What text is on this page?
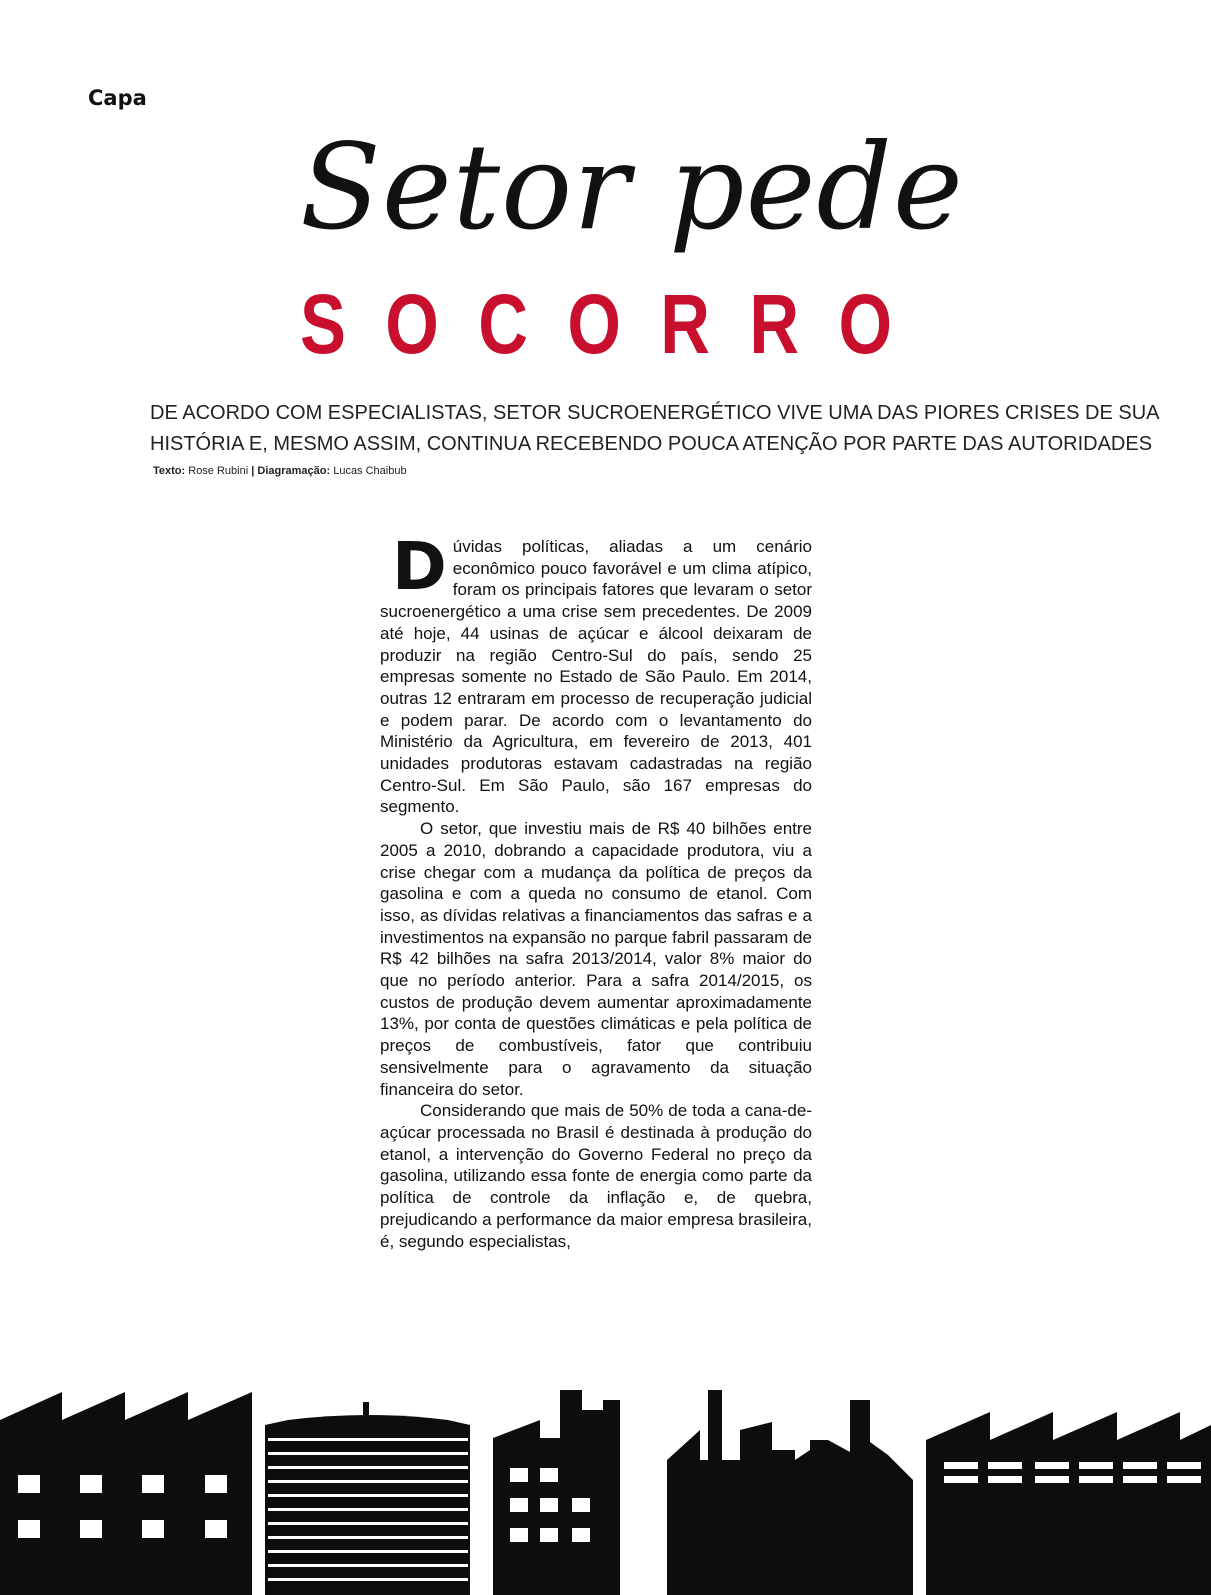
Capa
Setor pede
SOCORRO
DE ACORDO COM ESPECIALISTAS, SETOR SUCROENERGÉTICO VIVE UMA DAS PIORES CRISES DE SUA
HISTÓRIA E, MESMO ASSIM, CONTINUA RECEBENDO POUCA ATENÇÃO POR PARTE DAS AUTORIDADES
Texto: Rose Rubini | Diagramação: Lucas Chaibub

Dúvidas políticas, aliadas a um cenário econômico pouco favorável e um clima atípico, foram os principais fatores que levaram o setor sucroenergético a uma crise sem precedentes. De 2009 até hoje, 44 usinas de açúcar e álcool deixaram de produzir na região Centro-Sul do país, sendo 25 empresas somente no Estado de São Paulo. Em 2014, outras 12 entraram em processo de recuperação judicial e podem parar. De acordo com o levantamento do Ministério da Agricultura, em fevereiro de 2013, 401 unidades produtoras estavam cadastradas na região Centro-Sul. Em São Paulo, são 167 empresas do segmento.

O setor, que investiu mais de R$ 40 bilhões entre 2005 a 2010, dobrando a capacidade produtora, viu a crise chegar com a mudança da política de preços da gasolina e com a queda no consumo de etanol. Com isso, as dívidas relativas a financiamentos das safras e a investimentos na expansão no parque fabril passaram de R$ 42 bilhões na safra 2013/2014, valor 8% maior do que no período anterior. Para a safra 2014/2015, os custos de produção devem aumentar aproximadamente 13%, por conta de questões climáticas e pela política de preços de combustíveis, fator que contribuiu sensivelmente para o agravamento da situação financeira do setor.

Considerando que mais de 50% de toda a cana-de-açúcar processada no Brasil é destinada à produção do etanol, a intervenção do Governo Federal no preço da gasolina, utilizando essa fonte de energia como parte da política de controle da inflação e, de quebra, prejudicando a performance da maior empresa brasileira, é, segundo especialistas,
